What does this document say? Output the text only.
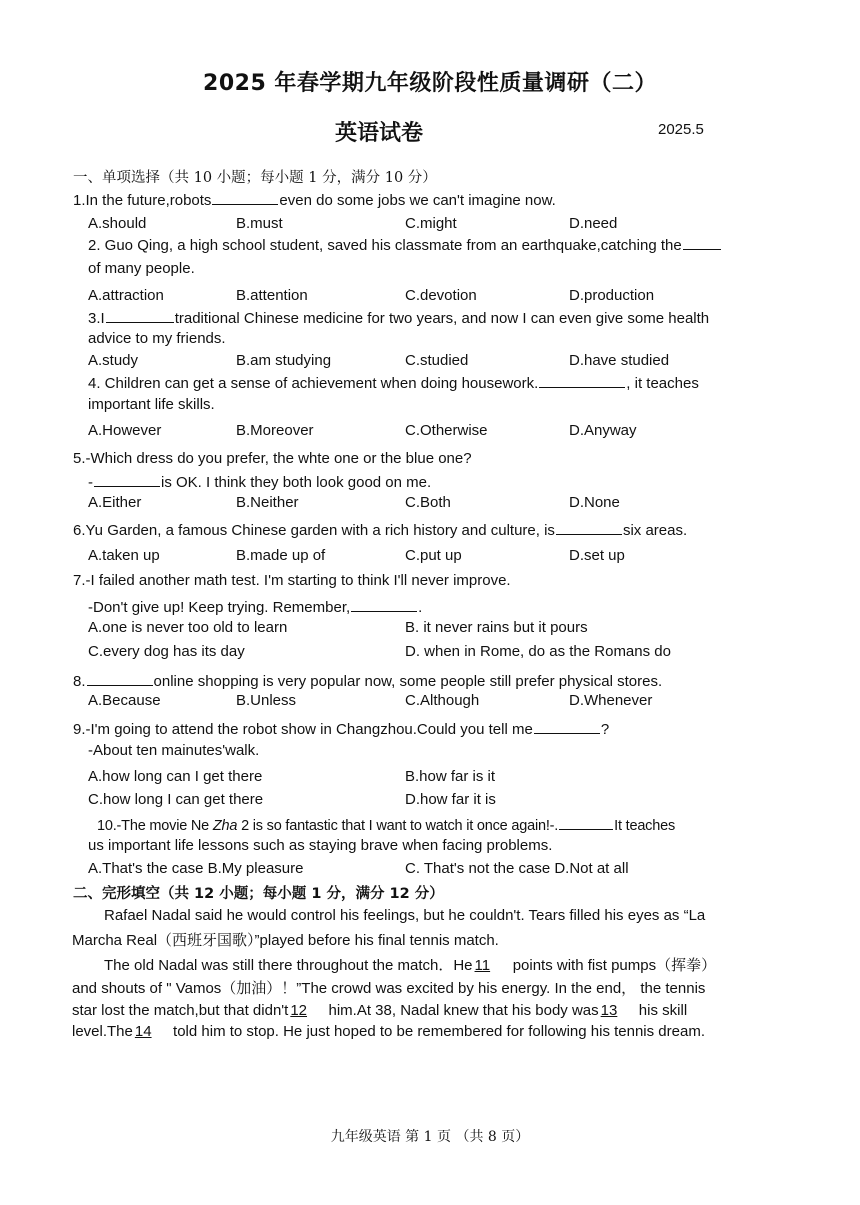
2025 年春学期九年级阶段性质量调研（二）
英语试卷	2025.5
一、单项选择（共 10 小题；每小题 1 分，满分 10 分）
1.In the future,robots	even do some jobs we can't imagine now.
A.should	B.must	C.might	D.need
2. Guo Qing, a high school student, saved his classmate from an earthquake,catching the
of many people.
A.attraction	B.attention	C.devotion	D.production
3.I	traditional Chinese medicine for two years, and now I can even give some health
advice to my friends.
A.study	B.am studying	C.studied	D.have studied
4. Children can get a sense of achievement when doing housework.	, it teaches
important life skills.
A.However	B.Moreover	C.Otherwise	D.Anyway
5.-Which dress do you prefer, the whte one or the blue one?
-	is OK. I think they both look good on me.
A.Either	B.Neither	C.Both	D.None
6.Yu Garden, a famous Chinese garden with a rich history and culture, is	six areas.
A.taken up	B.made up of	C.put up	D.set up
7.-I failed another math test. I'm starting to think I'll never improve.
-Don't give up! Keep trying. Remember,	.
A.one is never too old to learn	B. it never rains but it pours
C.every dog has its day	D. when in Rome, do as the Romans do
8.	online shopping is very popular now, some people still prefer physical stores.
A.Because	B.Unless	C.Although	D.Whenever
9.-I'm going to attend the robot show in Changzhou.Could you tell me	?
-About ten mainutes'walk.
A.how long can I get there	B.how far is it
C.how long I can get there	D.how far it is
10.-The movie Ne Zha 2 is so fantastic that I want to watch it once again!-.	It teaches
us important life lessons such as staying brave when facing problems.
A.That's the case B.My pleasure	C. That's not the case D.Not at all
二、完形填空（共 12 小题；每小题 1 分，满分 12 分）
Rafael Nadal said he would control his feelings, but he couldn't. Tears filled his eyes as “La
Marcha Real（西班牙国歌）”played before his final tennis match.
The old Nadal was still there throughout the match．He 11 points with fist pumps（挥拳）
and shouts of " Vamos（加油）！”The crowd was excited by his energy. In the end， the tennis
star lost the match,but that didn't 12 him.At 38, Nadal knew that his body was 13 his skill
level.The 14 told him to stop. He just hoped to be remembered for following his tennis dream.
九年级英语 第 1 页 （共 8 页）
